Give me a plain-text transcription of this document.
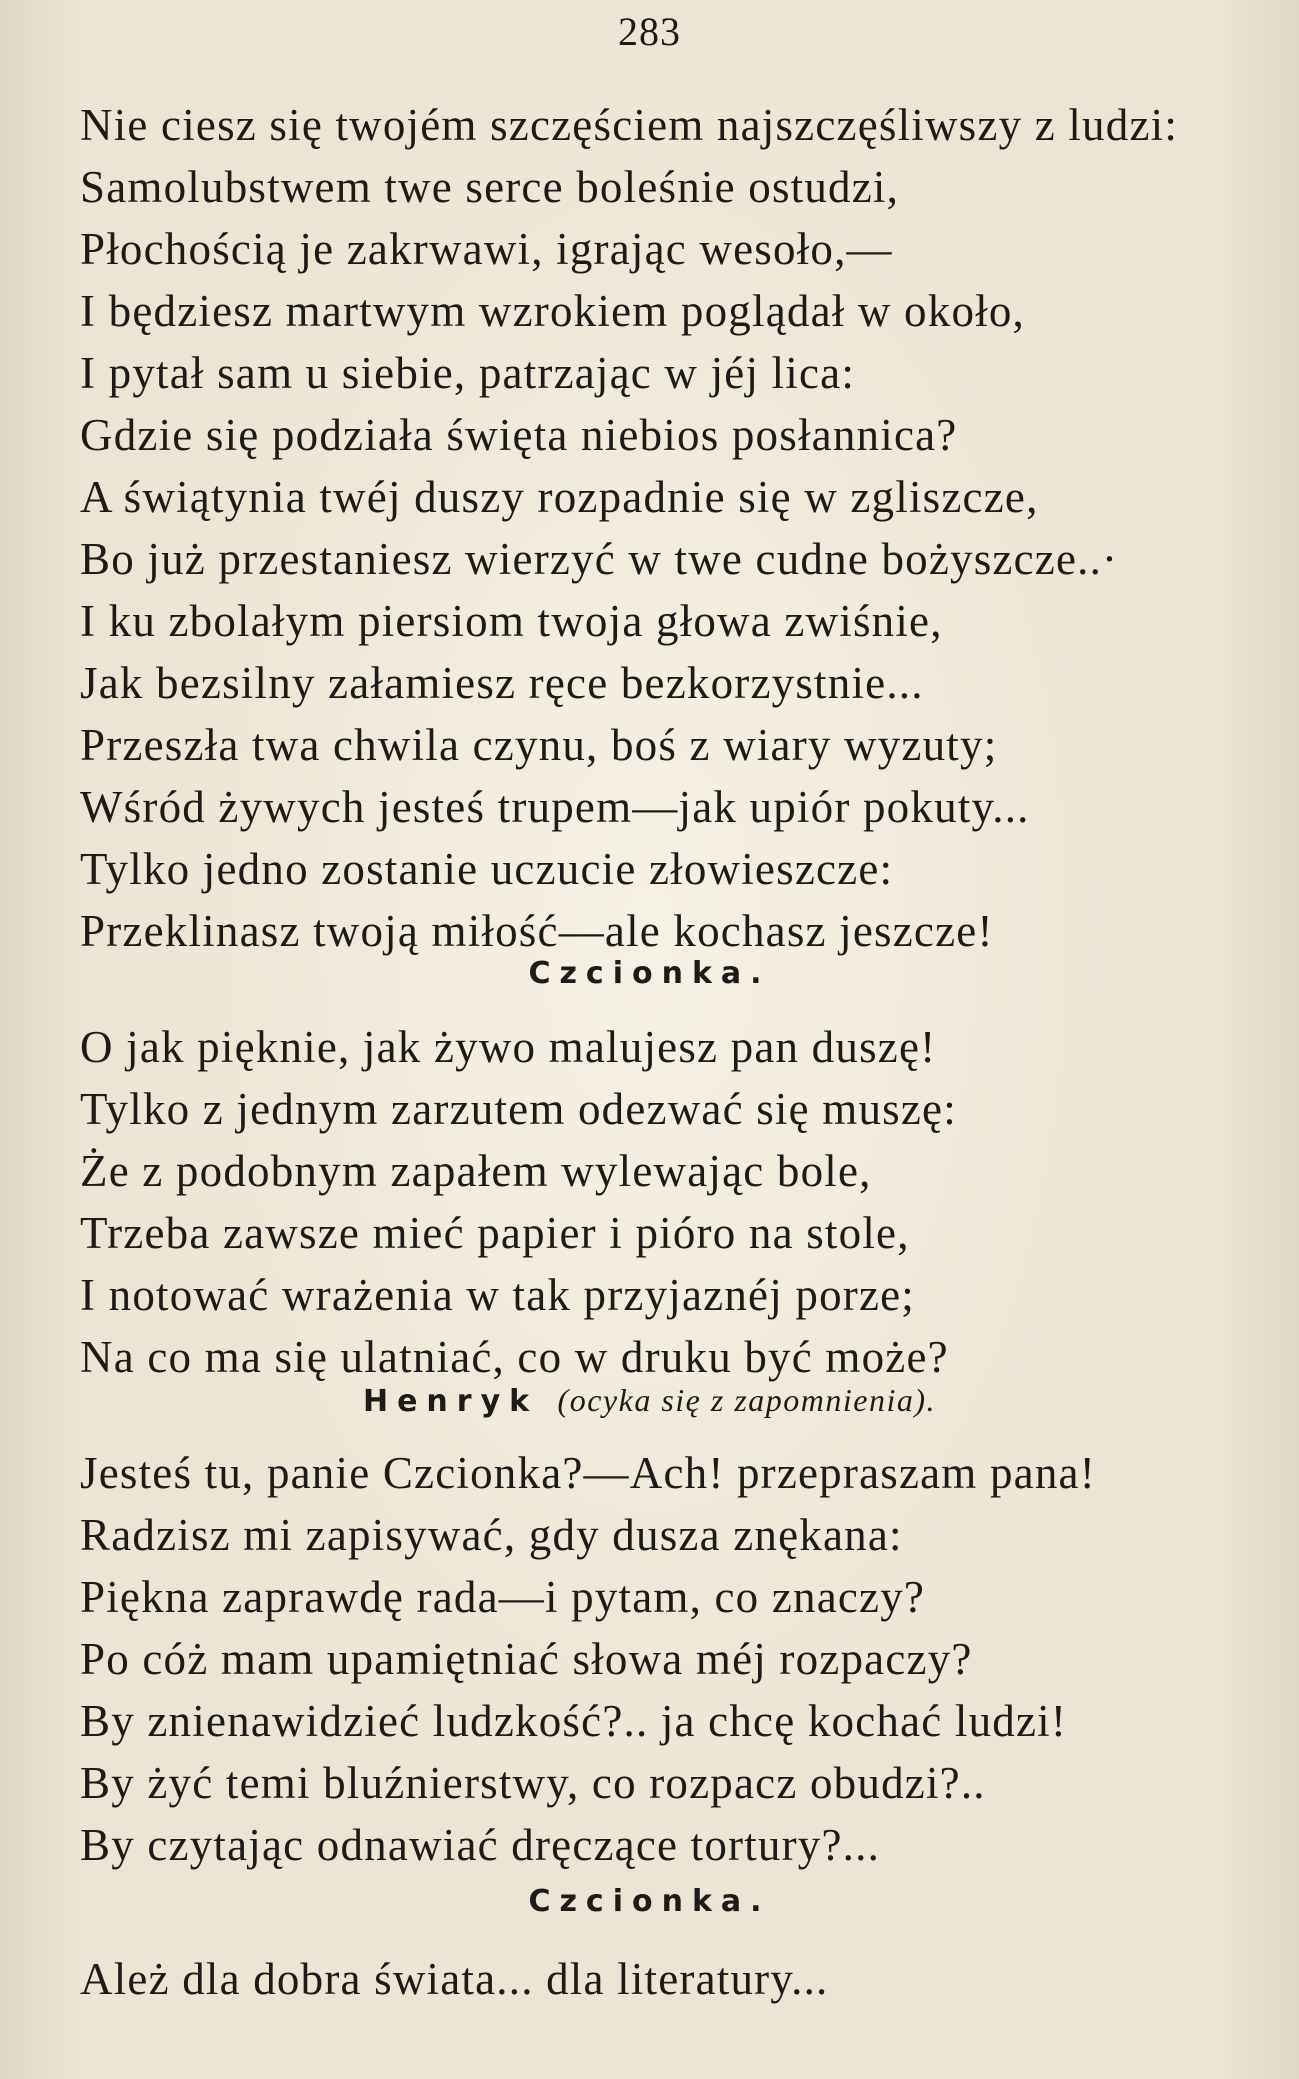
283
Nie ciesz się twojém szczęściem najszczęśliwszy z ludzi:
Samolubstwem twe serce boleśnie ostudzi,
Płochością je zakrwawi, igrając wesoło,—
I będziesz martwym wzrokiem poglądał w około,
I pytał sam u siebie, patrzając w jéj lica:
Gdzie się podziała święta niebios posłannica?
A świątynia twéj duszy rozpadnie się w zgliszcze,
Bo już przestaniesz wierzyć w twe cudne bożyszcze..·
I ku zbolałym piersiom twoja głowa zwiśnie,
Jak bezsilny załamiesz ręce bezkorzystnie...
Przeszła twa chwila czynu, boś z wiary wyzuty;
Wśród żywych jesteś trupem—jak upiór pokuty...
Tylko jedno zostanie uczucie złowieszcze:
Przeklinasz twoją miłość—ale kochasz jeszcze!
Czcionka.
O jak pięknie, jak żywo malujesz pan duszę!
Tylko z jednym zarzutem odezwać się muszę:
Że z podobnym zapałem wylewając bole,
Trzeba zawsze mieć papier i pióro na stole,
I notować wrażenia w tak przyjaznéj porze;
Na co ma się ulatniać, co w druku być może?
Henryk (ocyka się z zapomnienia).
Jesteś tu, panie Czcionka?—Ach! przepraszam pana!
Radzisz mi zapisywać, gdy dusza znękana:
Piękna zaprawdę rada—i pytam, co znaczy?
Po cóż mam upamiętniać słowa méj rozpaczy?
By znienawidzieć ludzkość?.. ja chcę kochać ludzi!
By żyć temi bluźnierstwy, co rozpacz obudzi?..
By czytając odnawiać dręczące tortury?...
Czcionka.
Ależ dla dobra świata... dla literatury...
